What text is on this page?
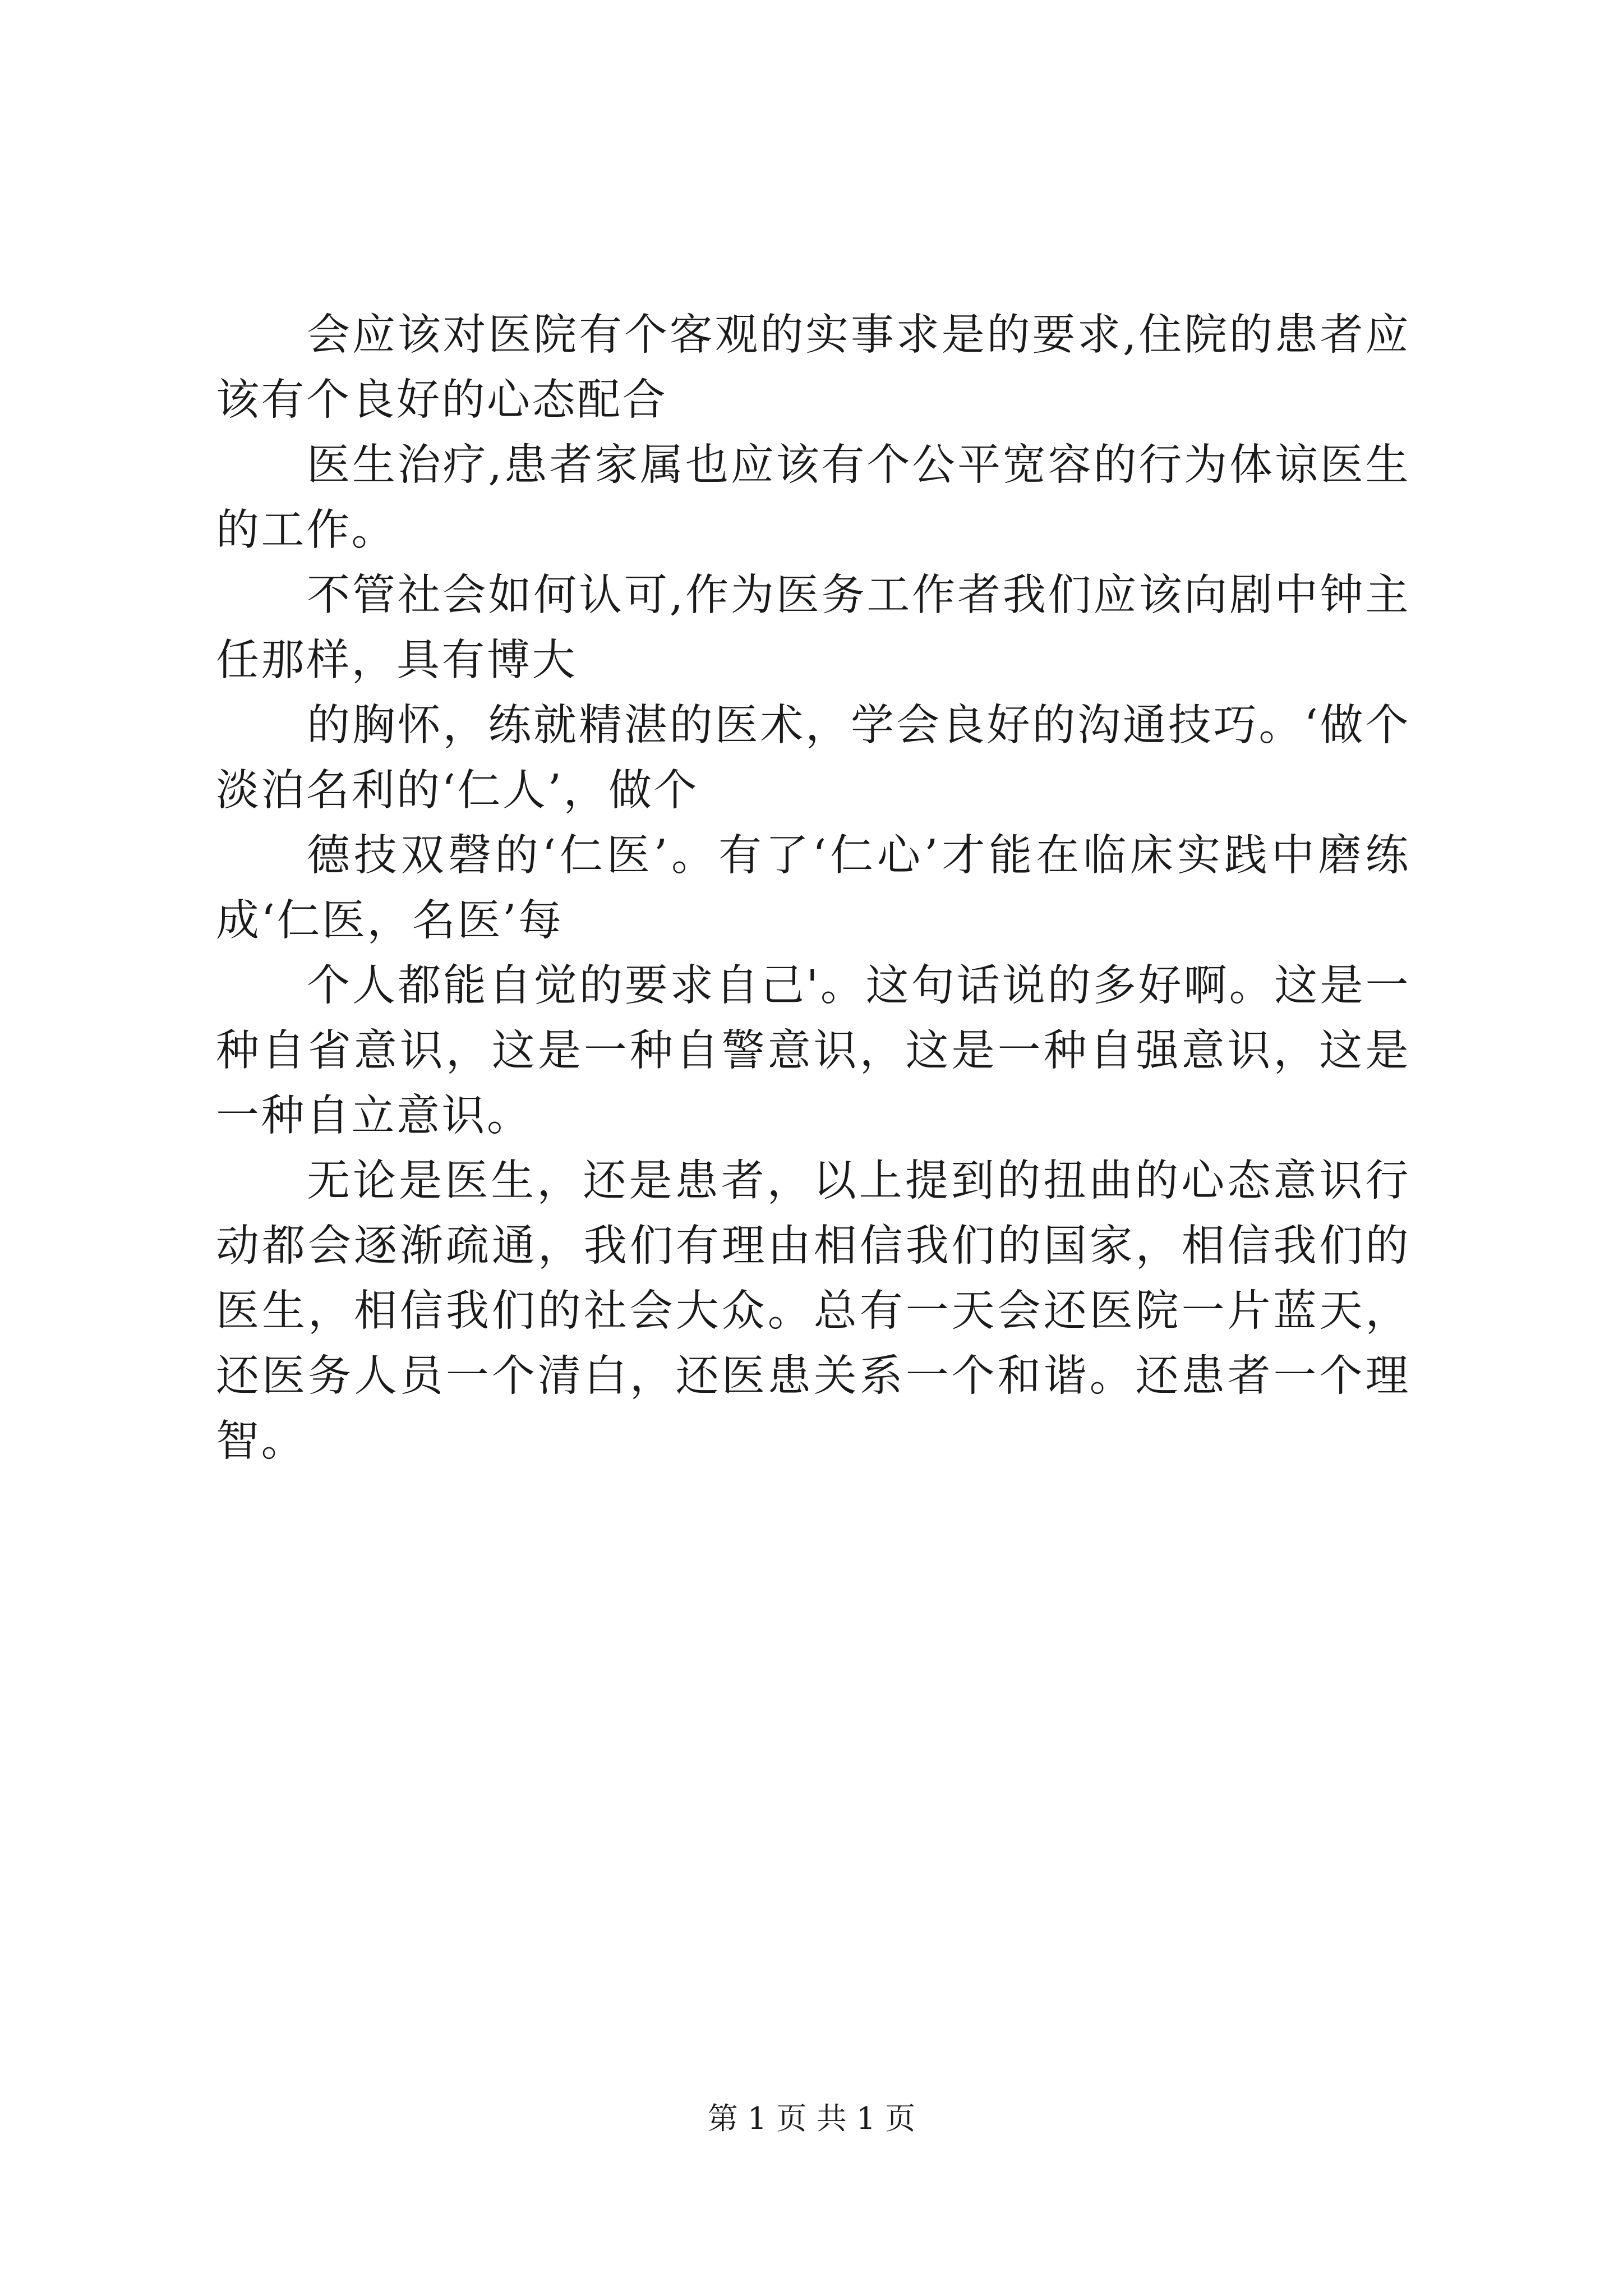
会应该对医院有个客观的实事求是的要求,住院的患者应该有个良好的心态配合

医生治疗,患者家属也应该有个公平宽容的行为体谅医生的工作。

不管社会如何认可,作为医务工作者我们应该向剧中钟主任那样，具有博大

的胸怀，练就精湛的医术，学会良好的沟通技巧。‘做个淡泊名利的‘仁人’，做个

德技双磬的‘仁医’。有了‘仁心’才能在临床实践中磨练成‘仁医，名医’每

个人都能自觉的要求自己'。这句话说的多好啊。这是一种自省意识，这是一种自警意识，这是一种自强意识，这是一种自立意识。

无论是医生，还是患者，以上提到的扭曲的心态意识行动都会逐渐疏通，我们有理由相信我们的国家，相信我们的医生，相信我们的社会大众。总有一天会还医院一片蓝天，还医务人员一个清白，还医患关系一个和谐。还患者一个理智。

第 1 页 共 1 页
